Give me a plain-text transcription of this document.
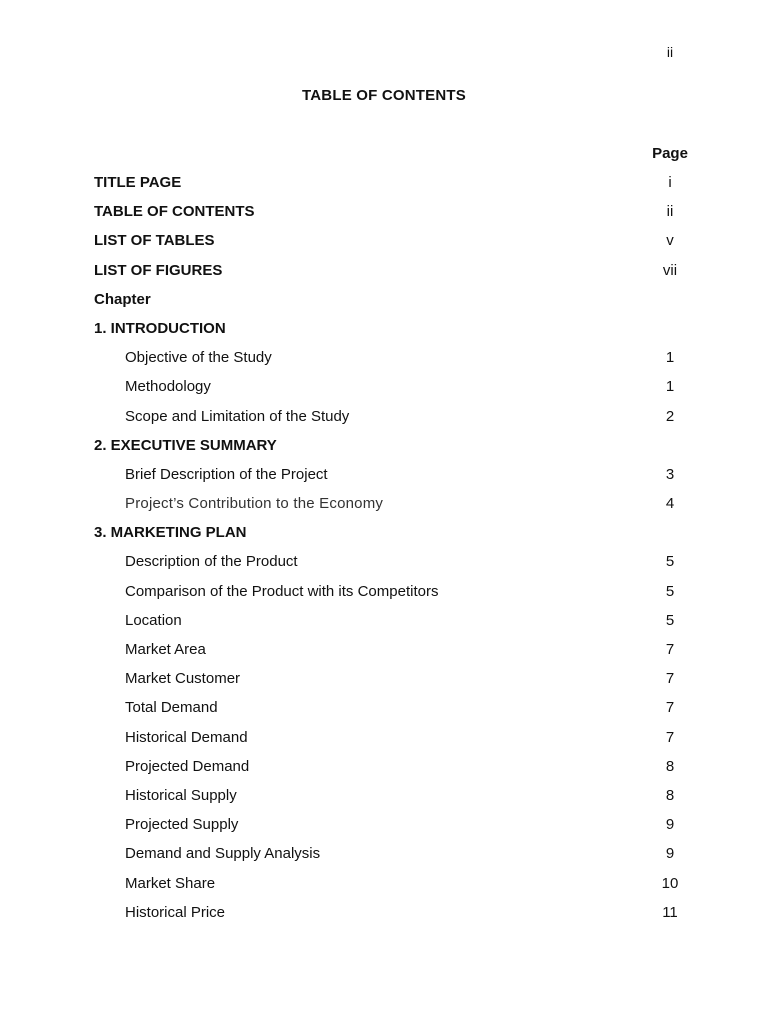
ii
TABLE OF CONTENTS
Page
TITLE PAGE	i
TABLE OF CONTENTS	ii
LIST OF TABLES	v
LIST OF FIGURES	vii
Chapter
1. INTRODUCTION
Objective of the Study	1
Methodology	1
Scope and Limitation of the Study	2
2. EXECUTIVE SUMMARY
Brief Description of the Project	3
Project’s Contribution to the Economy	4
3. MARKETING PLAN
Description of the Product	5
Comparison of the Product with its Competitors	5
Location	5
Market Area	7
Market Customer	7
Total Demand	7
Historical Demand	7
Projected Demand	8
Historical Supply	8
Projected Supply	9
Demand and Supply Analysis	9
Market Share	10
Historical Price	11
